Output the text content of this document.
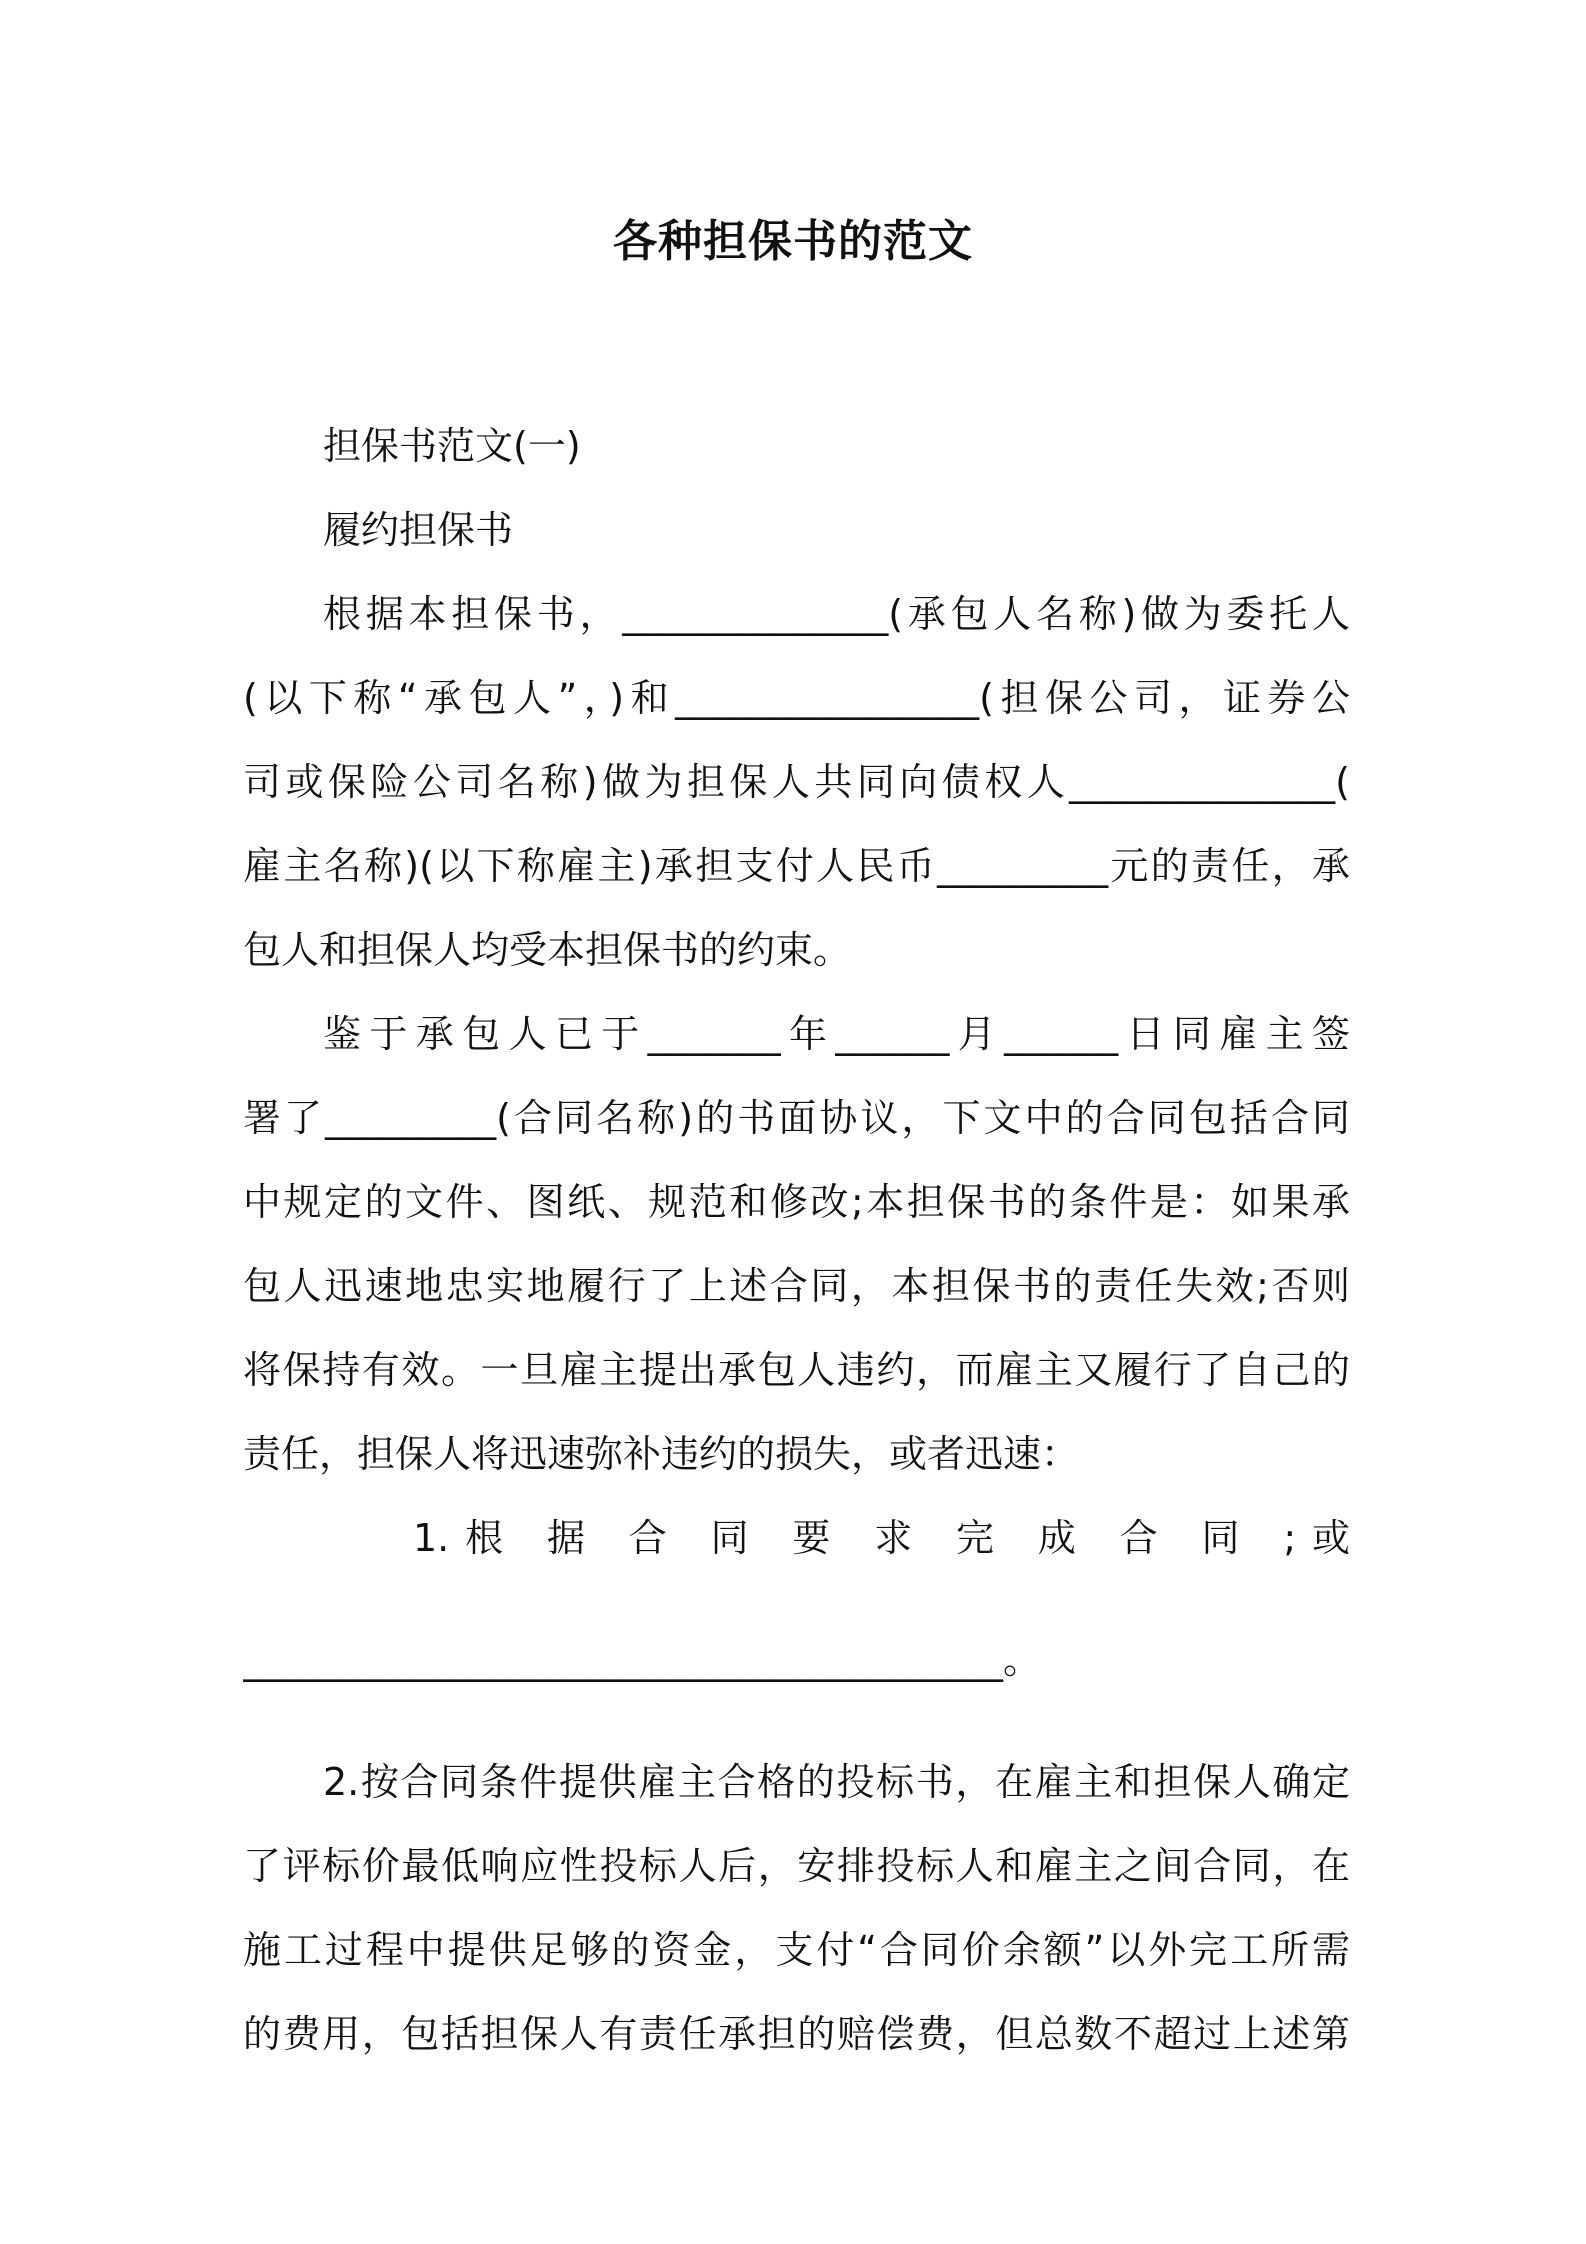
各种担保书的范文

担保书范文(一)

履约担保书

根据本担保书，______________(承包人名称)做为委托人

(以下称“承包人”，)和________________(担保公司，证券公

司或保险公司名称)做为担保人共同向债权人______________(

雇主名称)(以下称雇主)承担支付人民币_________元的责任，承

包人和担保人均受本担保书的约束。

鉴于承包人已于_______年______月______日同雇主签

署了_________(合同名称)的书面协议，下文中的合同包括合同

中规定的文件、图纸、规范和修改;本担保书的条件是：如果承

包人迅速地忠实地履行了上述合同，本担保书的责任失效;否则

将保持有效。一旦雇主提出承包人违约，而雇主又履行了自己的

责任，担保人将迅速弥补违约的损失，或者迅速：

1.根 据 合 同 要 求 完 成 合 同 ;或

________________________________________。

2.按合同条件提供雇主合格的投标书，在雇主和担保人确定

了评标价最低响应性投标人后，安排投标人和雇主之间合同，在

施工过程中提供足够的资金，支付“合同价余额”以外完工所需

的费用，包括担保人有责任承担的赔偿费，但总数不超过上述第
